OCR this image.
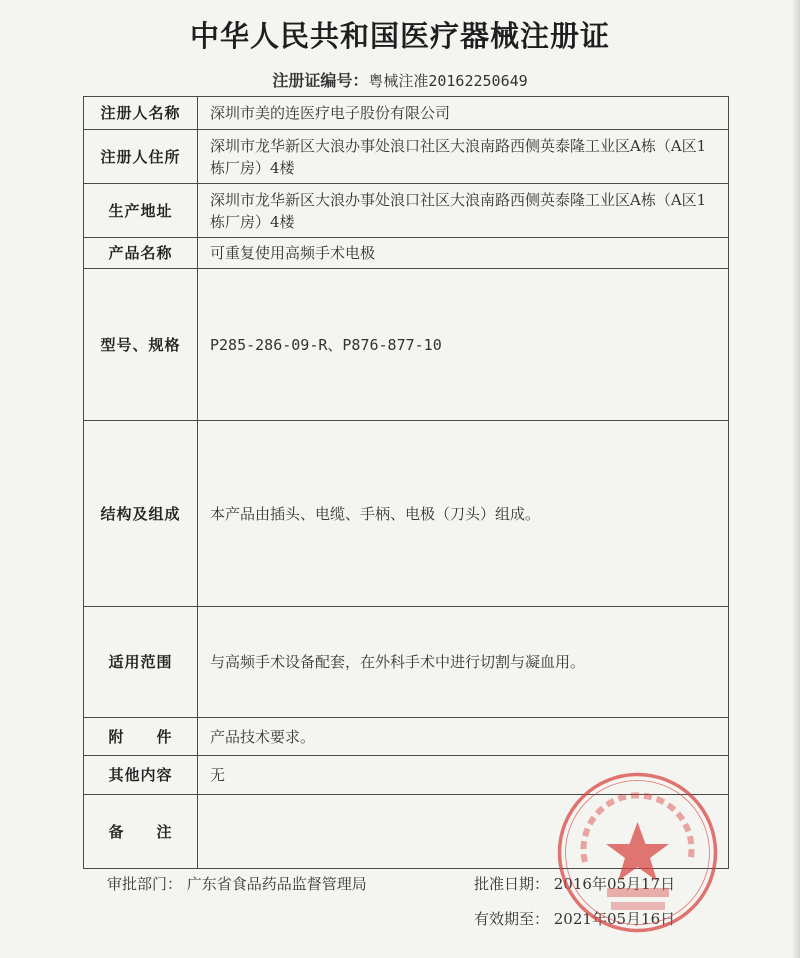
中华人民共和国医疗器械注册证
注册证编号：粤械注准20162250649
注册人名称	深圳市美的连医疗电子股份有限公司
注册人住所	深圳市龙华新区大浪办事处浪口社区大浪南路西侧英泰隆工业区A栋（A区1栋厂房）4楼
生产地址	深圳市龙华新区大浪办事处浪口社区大浪南路西侧英泰隆工业区A栋（A区1栋厂房）4楼
产品名称	可重复使用高频手术电极
型号、规格	P285-286-09-R、P876-877-10
结构及组成	本产品由插头、电缆、手柄、电极（刀头）组成。
适用范围	与高频手术设备配套，在外科手术中进行切割与凝血用。
附　　件	产品技术要求。
其他内容	无
备　　注	
审批部门： 广东省食品药品监督管理局	批准日期： 2016年05月17日
有效期至： 2021年05月16日
